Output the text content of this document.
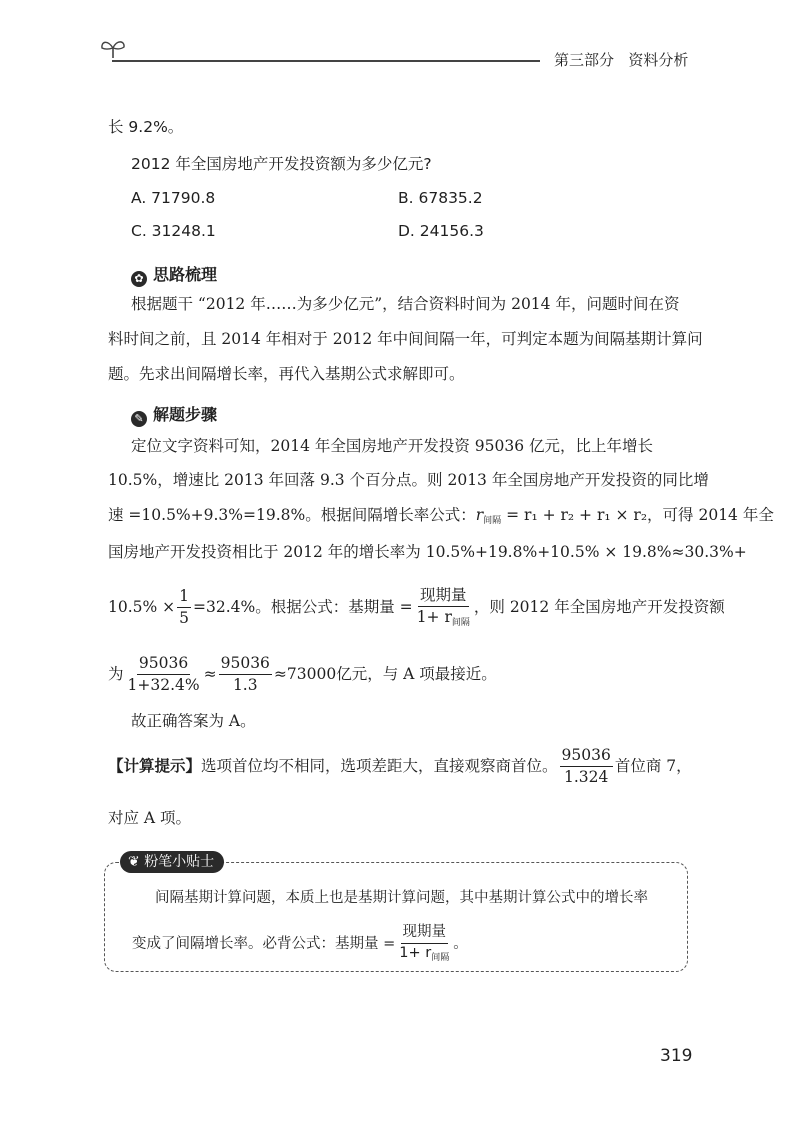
第三部分 资料分析
长 9.2%。
2012 年全国房地产开发投资额为多少亿元?
A. 71790.8	B. 67835.2
C. 31248.1	D. 24156.3
✿ 思路梳理
根据题干 “2012 年……为多少亿元”，结合资料时间为 2014 年，问题时间在资
料时间之前，且 2014 年相对于 2012 年中间间隔一年，可判定本题为间隔基期计算问
题。先求出间隔增长率，再代入基期公式求解即可。
✎ 解题步骤
定位文字资料可知，2014 年全国房地产开发投资 95036 亿元，比上年增长
10.5%，增速比 2013 年回落 9.3 个百分点。则 2013 年全国房地产开发投资的同比增
速 =10.5%+9.3%=19.8%。根据间隔增长率公式：$r_{间隔} = r_1 + r_2 + r_1 \times r_2$，可得 2014 年全
国房地产开发投资相比于 2012 年的增长率为 10.5%+19.8%+10.5% × 19.8%≈30.3%+
$10.5\% \times \frac{1}{5} =32.4\%$。根据公式：基期量 = $\frac{\text{现期量}}{1+ r_{间隔}}$ ，则 2012 年全国房地产开发投资额
为 $\frac{95036}{1+32.4\%} \approx \frac{95036}{1.3} \approx 73000$亿元，与 A 项最接近。
故正确答案为 A。
【计算提示】 选项首位均不相同，选项差距大，直接观察商首位。 $\frac{95036}{1.324}$ 首位商 7，
对应 A 项。
❦ 粉笔小贴士
间隔基期计算问题，本质上也是基期计算问题，其中基期计算公式中的增长率
变成了间隔增长率。必背公式：基期量 = $\frac{\text{现期量}}{1+ r_{间隔}}$ 。
319
